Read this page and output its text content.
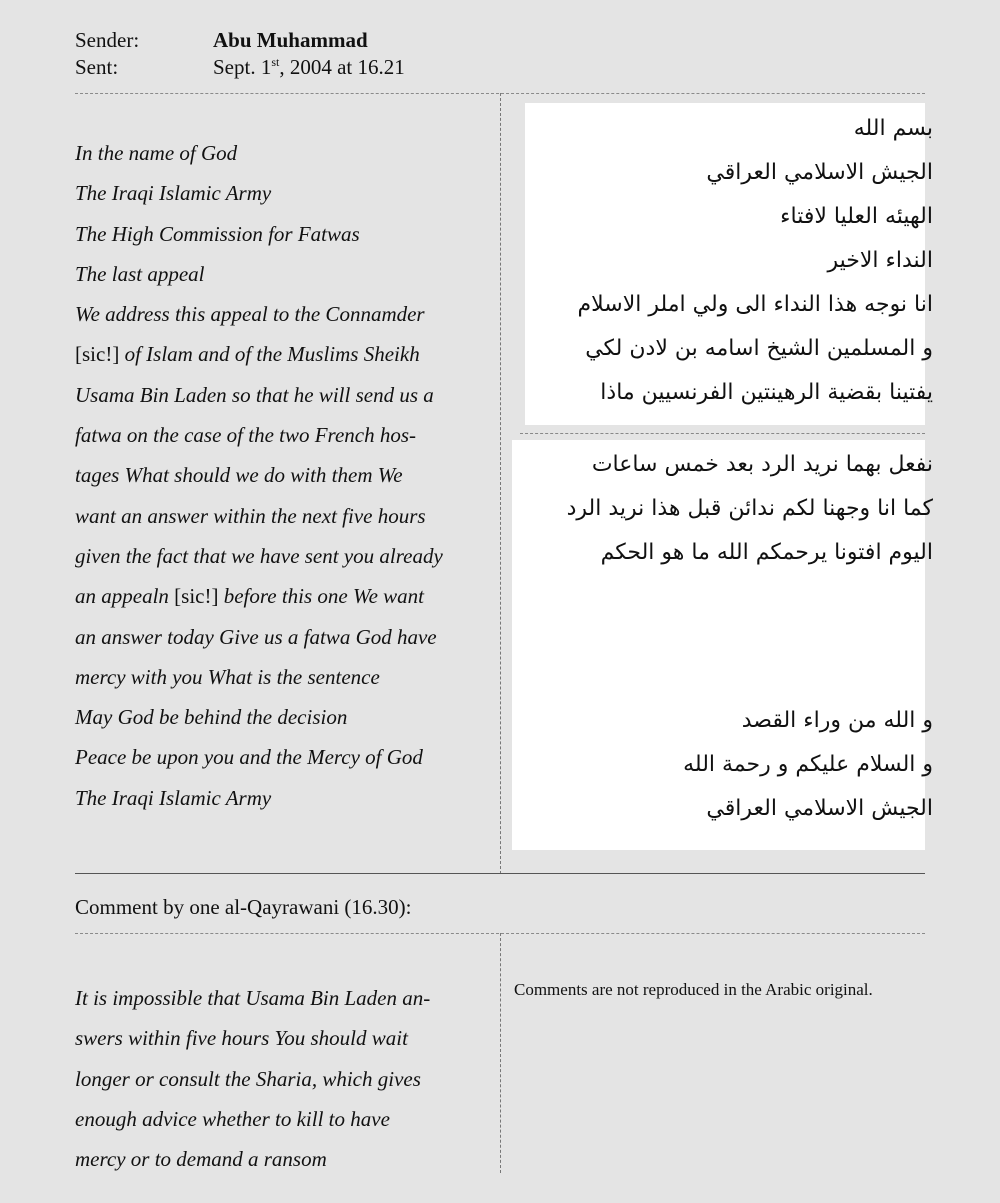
Sender:	Abu Muhammad
Sent:	Sept. 1st, 2004 at 16.21
In the name of God
The Iraqi Islamic Army
The High Commission for Fatwas
The last appeal
We address this appeal to the Connamder
[sic!] of Islam and of the Muslims Sheikh
Usama Bin Laden so that he will send us a
fatwa on the case of the two French hos-
tages What should we do with them We
want an answer within the next five hours
given the fact that we have sent you already
an appealn [sic!] before this one We want
an answer today Give us a fatwa God have
mercy with you What is the sentence
May God be behind the decision
Peace be upon you and the Mercy of God
The Iraqi Islamic Army
بسم الله
الجيش الاسلامي العراقي
الهيئه العليا لافتاء
النداء الاخير
انا نوجه هذا النداء الى ولي املر الاسلام
و المسلمين الشيخ اسامه بن لادن لكي
يفتينا بقضية الرهينتين الفرنسيين ماذا
نفعل بهما نريد الرد بعد خمس ساعات
كما انا وجهنا لكم ندائن قبل هذا نريد الرد
اليوم افتونا يرحمكم الله ما هو الحكم
و الله من وراء القصد
و السلام عليكم و رحمة الله
الجيش الاسلامي العراقي
Comment by one al-Qayrawani (16.30):
It is impossible that Usama Bin Laden an-
swers within five hours You should wait
longer or consult the Sharia, which gives
enough advice whether to kill to have
mercy or to demand a ransom
Comments are not reproduced in the Arabic original.
